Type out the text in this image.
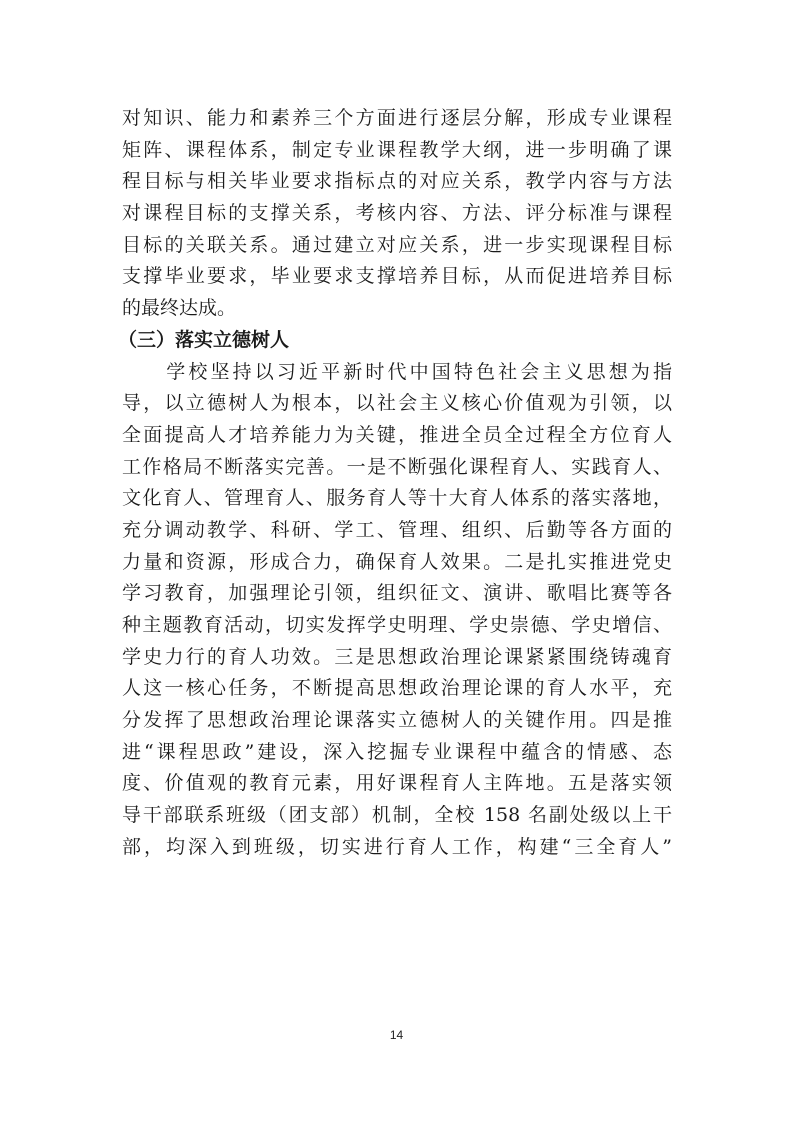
对知识、能力和素养三个方面进行逐层分解，形成专业课程
矩阵、课程体系，制定专业课程教学大纲，进一步明确了课
程目标与相关毕业要求指标点的对应关系，教学内容与方法
对课程目标的支撑关系，考核内容、方法、评分标准与课程
目标的关联关系。通过建立对应关系，进一步实现课程目标
支撑毕业要求，毕业要求支撑培养目标，从而促进培养目标
的最终达成。
（三）落实立德树人
　　学校坚持以习近平新时代中国特色社会主义思想为指
导，以立德树人为根本，以社会主义核心价值观为引领，以
全面提高人才培养能力为关键，推进全员全过程全方位育人
工作格局不断落实完善。一是不断强化课程育人、实践育人、
文化育人、管理育人、服务育人等十大育人体系的落实落地，
充分调动教学、科研、学工、管理、组织、后勤等各方面的
力量和资源，形成合力，确保育人效果。二是扎实推进党史
学习教育，加强理论引领，组织征文、演讲、歌唱比赛等各
种主题教育活动，切实发挥学史明理、学史崇德、学史增信、
学史力行的育人功效。三是思想政治理论课紧紧围绕铸魂育
人这一核心任务，不断提高思想政治理论课的育人水平，充
分发挥了思想政治理论课落实立德树人的关键作用。四是推
进“课程思政”建设，深入挖掘专业课程中蕴含的情感、态
度、价值观的教育元素，用好课程育人主阵地。五是落实领
导干部联系班级（团支部）机制，全校 158 名副处级以上干
部，均深入到班级，切实进行育人工作，构建“三全育人”
14
